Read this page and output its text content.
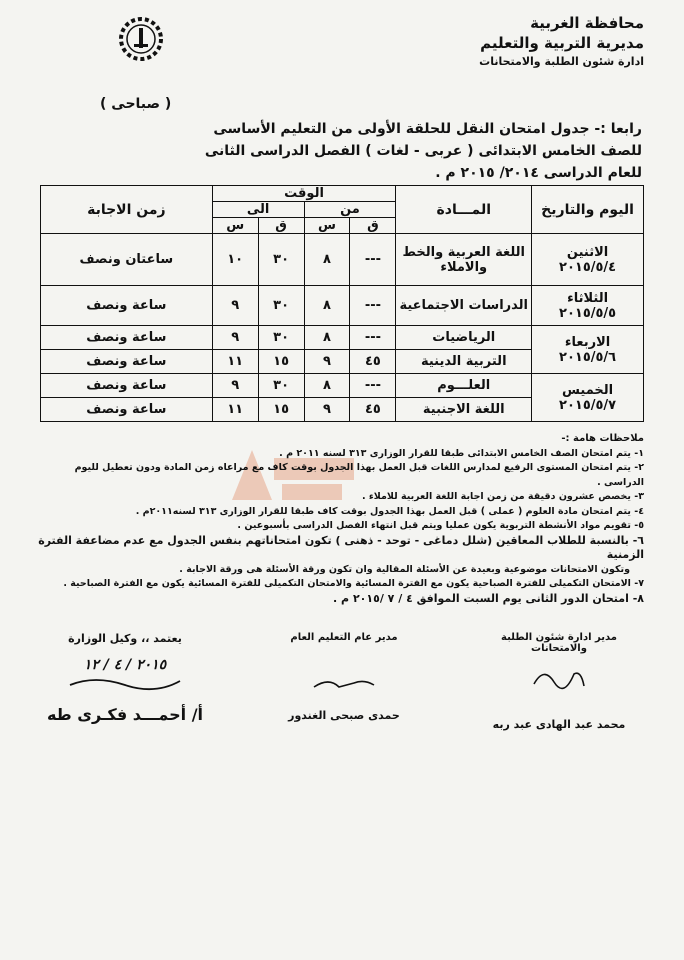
محافظة الغربية
مديرية التربية والتعليم
ادارة شئون الطلبة والامتحانات
( صباحى )
رابعا :- جدول امتحان النقل للحلقة الأولى من التعليم الأساسى
للصف الخامس الابتدائى ( عربى - لغات ) الفصل الدراسى الثانى
للعام الدراسى ٢٠١٤/ ٢٠١٥ م .
اليوم والتاريخ	المـــادة	الوقت				زمن الاجابة
		من		الى		
		ق	س	ق	س	

الاثنين
٢٠١٥/٥/٤	اللغة العربية والخط والاملاء	---	٨	٣٠	١٠	ساعتان ونصف

الثلاثاء
٢٠١٥/٥/٥	الدراسات الاجتماعية	---	٨	٣٠	٩	ساعة ونصف

الاربعاء
٢٠١٥/٥/٦	الرياضيات	---	٨	٣٠	٩	ساعة ونصف
	التربية الدينية	٤٥	٩	١٥	١١	ساعة ونصف

الخميس
٢٠١٥/٥/٧	العلـــوم	---	٨	٣٠	٩	ساعة ونصف
	اللغة الاجنبية	٤٥	٩	١٥	١١	ساعة ونصف
ملاحظات هامة :-
١- يتم امتحان الصف الخامس الابتدائى طبقا للقرار الوزارى ٣١٣ لسنه ٢٠١١ م .
٢- يتم امتحان المستوى الرفيع لمدارس اللغات قبل العمل بهذا الجدول بوقت كاف مع مراعاه زمن المادة ودون تعطيل لليوم الدراسى .
٣- يخصص عشرون دقيقة من زمن اجابة اللغة العربية للاملاء .
٤- يتم امتحان مادة العلوم ( عملى ) قبل العمل بهذا الجدول بوقت كاف طبقا للقرار الوزارى ٣١٣ لسنه٢٠١١م .
٥- تقويم مواد الأنشطة التربوية يكون عمليا ويتم قبل انتهاء الفصل الدراسى بأسبوعين .
٦- بالنسبة للطلاب المعاقين (شلل دماغى - توحد - ذهنى ) تكون امتحاناتهم بنفس الجدول مع عدم مضاعفة الفترة الزمنية
وتكون الامتحانات موضوعية وبعيدة عن الأسئلة المقالية وان تكون ورقة الأسئلة هى ورقة الاجابة .
٧- الامتحان التكميلى للفترة الصباحية يكون مع الفترة المسائية والامتحان التكميلى للفترة المسائية يكون مع الفترة الصباحية .
٨- امتحان الدور الثانى يوم السبت الموافق ٤ / ٧ /٢٠١٥ م .
مدير ادارة شئون الطلبة والامتحانات
محمد عبد الهادى عبد ربه
مدير عام التعليم العام
حمدى صبحى الغندور
يعتمد ،، وكيل الوزارة
٢٠١٥ / ٤ / ١٢
أ/ أحمـــد فكـرى طه
